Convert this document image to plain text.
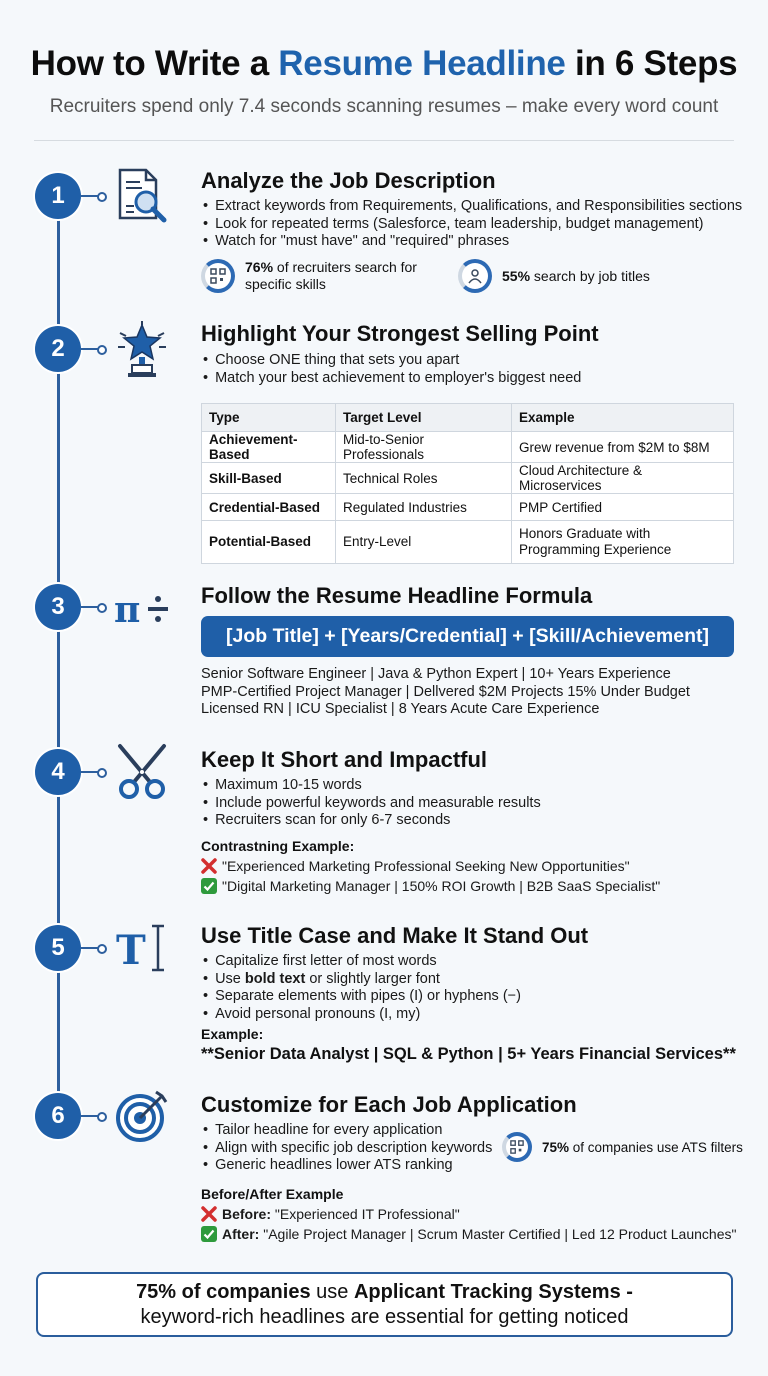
How to Write a Resume Headline in 6 Steps
Recruiters spend only 7.4 seconds scanning resumes – make every word count
1
Analyze the Job Description
• Extract keywords from Requirements, Qualifications, and Responsibilities sections
• Look for repeated terms (Salesforce, team leadership, budget management)
• Watch for "must have" and "required" phrases
76% of recruiters search for specific skills
55% search by job titles
2
Highlight Your Strongest Selling Point
• Choose ONE thing that sets you apart
• Match your best achievement to employer's biggest need
Type	Target Level	Example
Achievement-Based	Mid-to-Senior Professionals	Grew revenue from $2M to $8M
Skill-Based	Technical Roles	Cloud Architecture & Microservices
Credential-Based	Regulated Industries	PMP Certified
Potential-Based	Entry-Level	Honors Graduate with Programming Experience
3	π	Follow the Resume Headline Formula
[Job Title] + [Years/Credential] + [Skill/Achievement]
Senior Software Engineer | Java & Python Expert | 10+ Years Experience
PMP-Certified Project Manager | Dellvered $2M Projects 15% Under Budget
Licensed RN | ICU Specialist | 8 Years Acute Care Experience
4	Keep It Short and Impactful
• Maximum 10-15 words
• Include powerful keywords and measurable results
• Recruiters scan for only 6-7 seconds
Contrastning Example:
"Experienced Marketing Professional Seeking New Opportunities"
"Digital Marketing Manager | 150% ROI Growth | B2B SaaS Specialist"
5	T	Use Title Case and Make It Stand Out
• Capitalize first letter of most words
• Use bold text or slightly larger font
• Separate elements with pipes (I) or hyphens (−)
• Avoid personal pronouns (I, my)
Example:
**Senior Data Analyst | SQL & Python | 5+ Years Financial Services**
6	Customize for Each Job Application
• Tailor headline for every application
• Align with specific job description keywords
• Generic headlines lower ATS ranking
75% of companies use ATS filters
Before/After Example
Before: "Experienced IT Professional"
After: "Agile Project Manager | Scrum Master Certified | Led 12 Product Launches"
75% of companies use Applicant Tracking Systems -
keyword-rich headlines are essential for getting noticed
